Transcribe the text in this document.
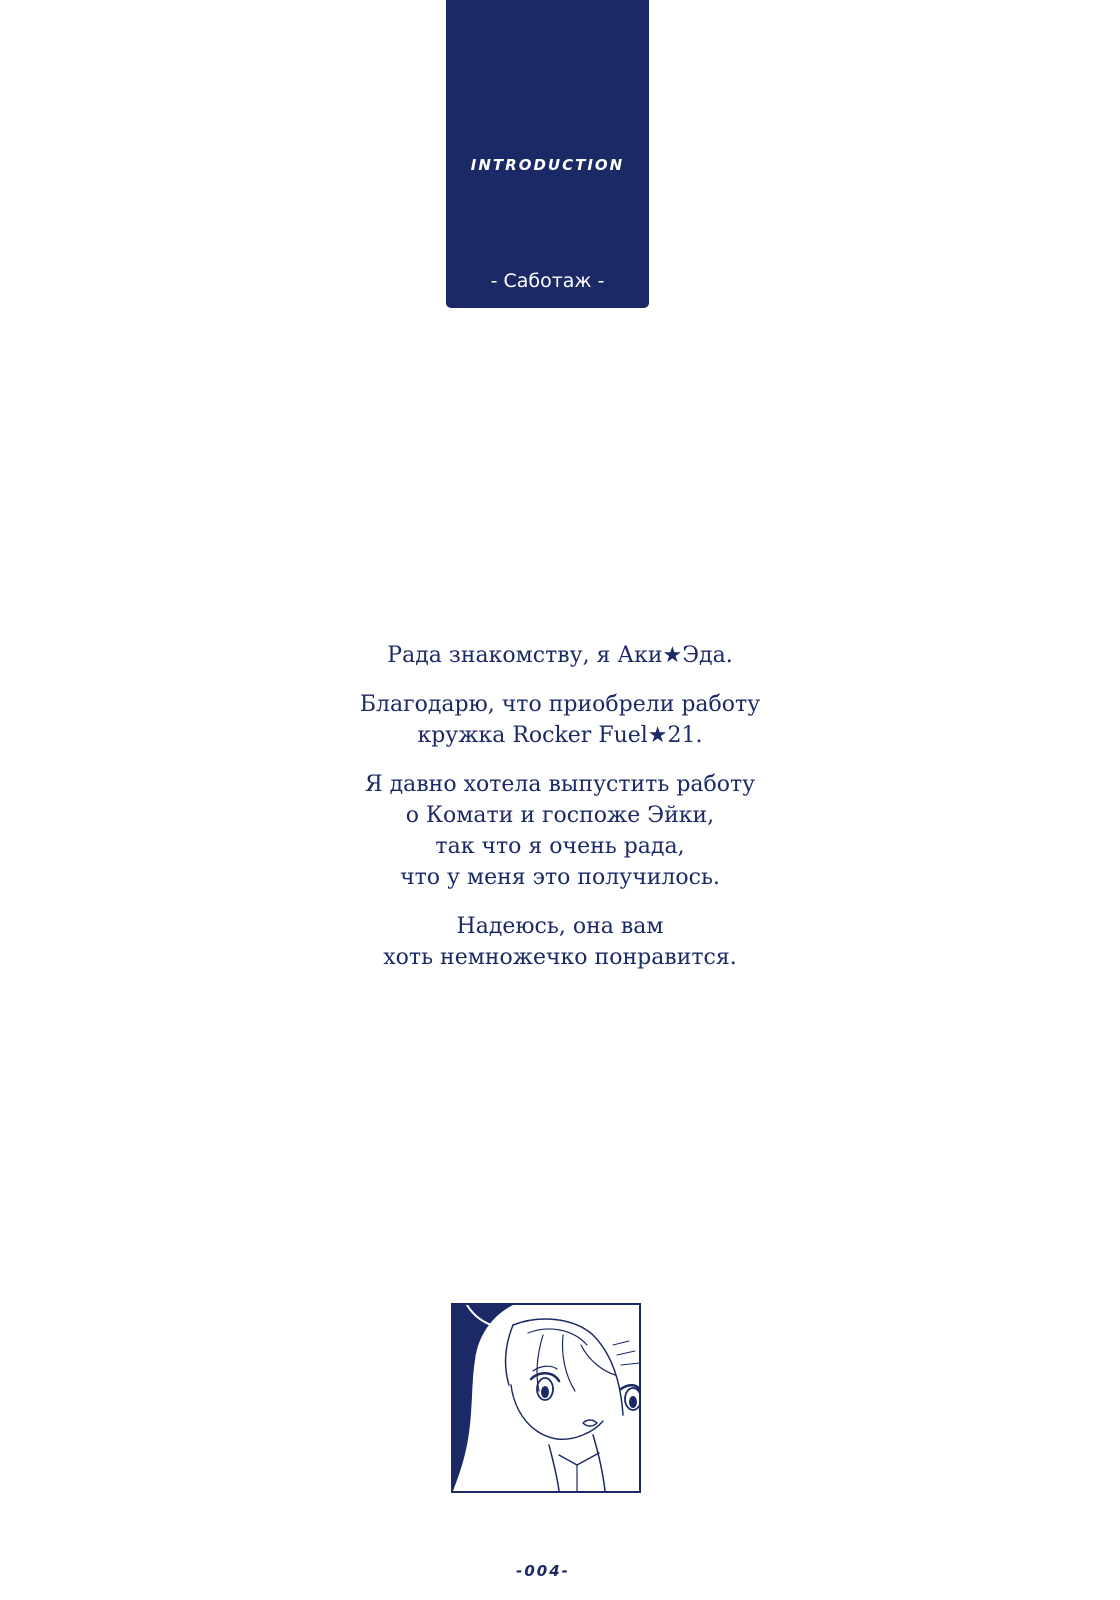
INTRODUCTION
- Саботаж -

Рада знакомству, я Аки★Эда.

Благодарю, что приобрели работу
кружка Rocker Fuel★21.

Я давно хотела выпустить работу
о Комати и госпоже Эйки,
так что я очень рада,
что у меня это получилось.

Надеюсь, она вам
хоть немножечко понравится.

-004-
